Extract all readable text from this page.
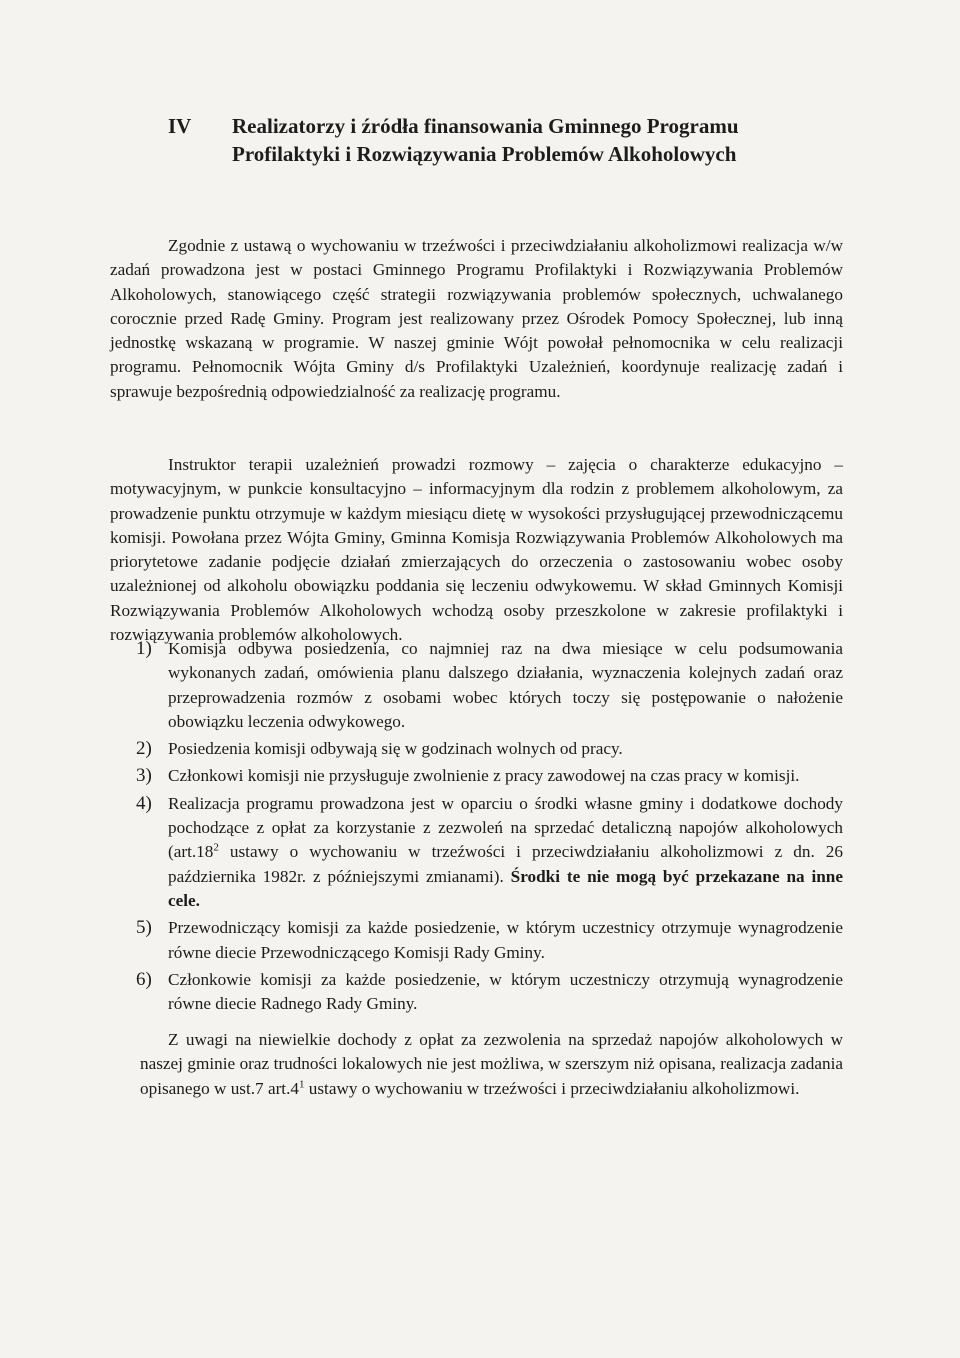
IV Realizatorzy i źródła finansowania Gminnego Programu
Profilaktyki i Rozwiązywania Problemów Alkoholowych
Zgodnie z ustawą o wychowaniu w trzeźwości i przeciwdziałaniu alkoholizmowi realizacja w/w zadań prowadzona jest w postaci Gminnego Programu Profilaktyki i Rozwiązywania Problemów Alkoholowych, stanowiącego część strategii rozwiązywania problemów społecznych, uchwalanego corocznie przed Radę Gminy. Program jest realizowany przez Ośrodek Pomocy Społecznej, lub inną jednostkę wskazaną w programie. W naszej gminie Wójt powołał pełnomocnika w celu realizacji programu. Pełnomocnik Wójta Gminy d/s Profilaktyki Uzależnień, koordynuje realizację zadań i sprawuje bezpośrednią odpowiedzialność za realizację programu.
Instruktor terapii uzależnień prowadzi rozmowy – zajęcia o charakterze edukacyjno – motywacyjnym, w punkcie konsultacyjno – informacyjnym dla rodzin z problemem alkoholowym, za prowadzenie punktu otrzymuje w każdym miesiącu dietę w wysokości przysługującej przewodniczącemu komisji. Powołana przez Wójta Gminy, Gminna Komisja Rozwiązywania Problemów Alkoholowych ma priorytetowe zadanie podjęcie działań zmierzających do orzeczenia o zastosowaniu wobec osoby uzależnionej od alkoholu obowiązku poddania się leczeniu odwykowemu. W skład Gminnych Komisji Rozwiązywania Problemów Alkoholowych wchodzą osoby przeszkolone w zakresie profilaktyki i rozwiązywania problemów alkoholowych.
1) Komisja odbywa posiedzenia, co najmniej raz na dwa miesiące w celu podsumowania wykonanych zadań, omówienia planu dalszego działania, wyznaczenia kolejnych zadań oraz przeprowadzenia rozmów z osobami wobec których toczy się postępowanie o nałożenie obowiązku leczenia odwykowego.
2) Posiedzenia komisji odbywają się w godzinach wolnych od pracy.
3) Członkowi komisji nie przysługuje zwolnienie z pracy zawodowej na czas pracy w komisji.
4) Realizacja programu prowadzona jest w oparciu o środki własne gminy i dodatkowe dochody pochodzące z opłat za korzystanie z zezwoleń na sprzedać detaliczną napojów alkoholowych ($art.18^2$ ustawy o wychowaniu w trzeźwości i przeciwdziałaniu alkoholizmowi z dn. 26 października 1982r. z późniejszymi zmianami). Środki te nie mogą być przekazane na inne cele.
5) Przewodniczący komisji za każde posiedzenie, w którym uczestnicy otrzymuje wynagrodzenie równe diecie Przewodniczącego Komisji Rady Gminy.
6) Członkowie komisji za każde posiedzenie, w którym uczestniczy otrzymują wynagrodzenie równe diecie Radnego Rady Gminy.
Z uwagi na niewielkie dochody z opłat za zezwolenia na sprzedaż napojów alkoholowych w naszej gminie oraz trudności lokalowych nie jest możliwa, w szerszym niż opisana, realizacja zadania opisanego w ust.7 $art.4^1$ ustawy o wychowaniu w trzeźwości i przeciwdziałaniu alkoholizmowi.
